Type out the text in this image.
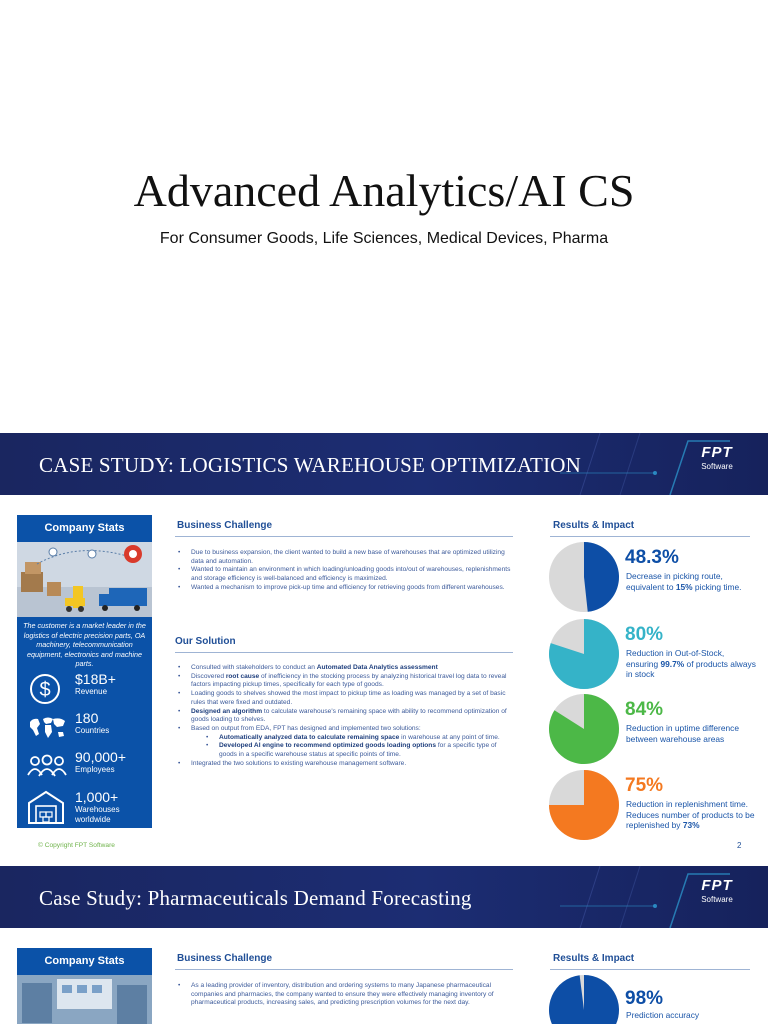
Advanced Analytics/AI CS
For Consumer Goods, Life Sciences, Medical Devices, Pharma
CASE STUDY: LOGISTICS WAREHOUSE OPTIMIZATION
FPT
Software
Company Stats
The customer is a market leader in the logistics of electric precision parts, OA machinery, telecommunication equipment, electronics and machine parts.
$ $18B+
Revenue
180
Countries
90,000+
Employees
1,000+
Warehouses worldwide
Business Challenge
• Due to business expansion, the client wanted to build a new base of warehouses that are optimized utilizing data and automation.
• Wanted to maintain an environment in which loading/unloading goods into/out of warehouses, replenishments and storage efficiency is well-balanced and efficiency is maximized.
• Wanted a mechanism to improve pick-up time and efficiency for retrieving goods from different warehouses.
Our Solution
• Consulted with stakeholders to conduct an Automated Data Analytics assessment
• Discovered root cause of inefficiency in the stocking process by analyzing historical travel log data to reveal factors impacting pickup times, specifically for each type of goods.
• Loading goods to shelves showed the most impact to pickup time as loading was managed by a set of basic rules that were fixed and outdated.
• Designed an algorithm to calculate warehouse's remaining space with ability to recommend optimization of goods loading to shelves.
• Based on output from EDA, FPT has designed and implemented two solutions:
• Automatically analyzed data to calculate remaining space in warehouse at any point of time.
• Developed AI engine to recommend optimized goods loading options for a specific type of goods in a specific warehouse status at specific points of time.
• Integrated the two solutions to existing warehouse management software.
Results & Impact
48.3%
Decrease in picking route, equivalent to 15% picking time.
80%
Reduction in Out-of-Stock, ensuring 99.7% of products always in stock
84%
Reduction in uptime difference between warehouse areas
75%
Reduction in replenishment time. Reduces number of products to be replenished by 73%
© Copyright FPT Software	2
Case Study: Pharmaceuticals Demand Forecasting
FPT
Software
Company Stats	Business Challenge
• As a leading provider of inventory, distribution and ordering systems to many Japanese pharmaceutical companies and pharmacies, the company wanted to ensure they were effectively managing inventory of pharmaceutical products, increasing sales, and predicting prescription volumes for the next day.
Results & Impact
98%
Prediction accuracy
